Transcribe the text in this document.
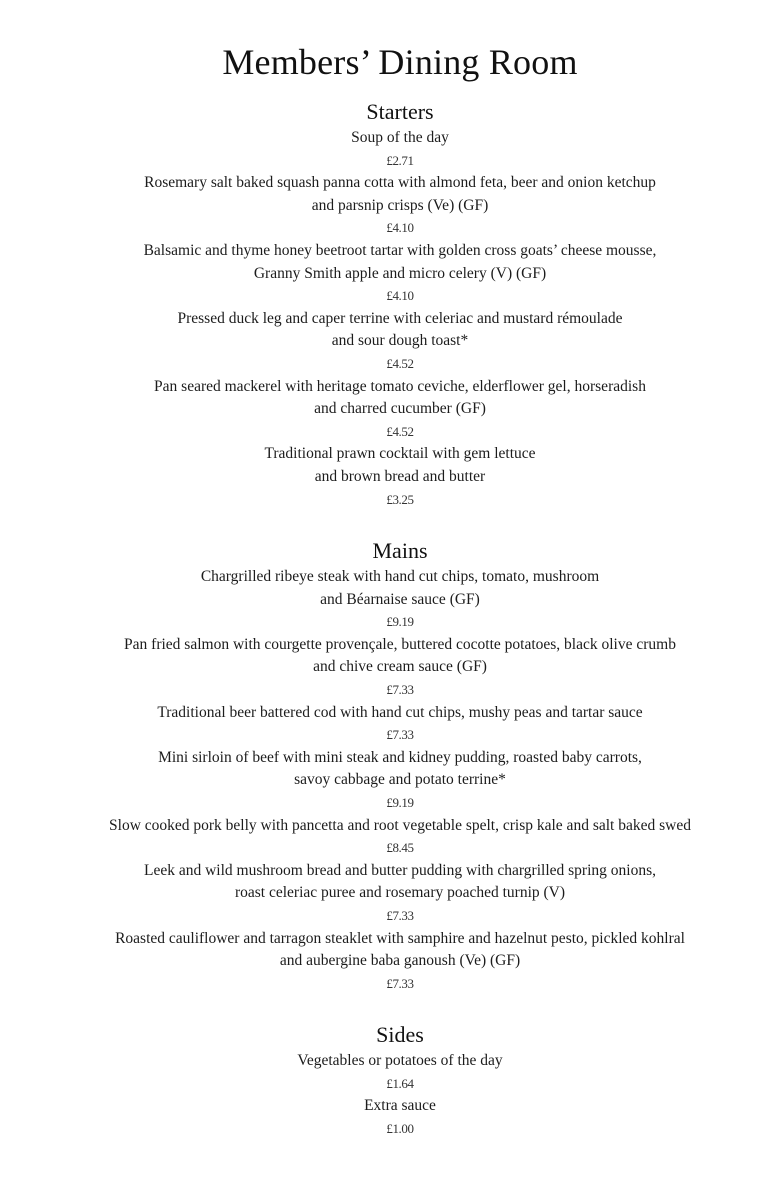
Members’ Dining Room
Starters
Soup of the day
£2.71
Rosemary salt baked squash panna cotta with almond feta, beer and onion ketchup
and parsnip crisps (Ve) (GF)
£4.10
Balsamic and thyme honey beetroot tartar with golden cross goats’ cheese mousse,
Granny Smith apple and micro celery (V) (GF)
£4.10
Pressed duck leg and caper terrine with celeriac and mustard rémoulade
and sour dough toast*
£4.52
Pan seared mackerel with heritage tomato ceviche, elderflower gel, horseradish
and charred cucumber (GF)
£4.52
Traditional prawn cocktail with gem lettuce
and brown bread and butter
£3.25
Mains
Chargrilled ribeye steak with hand cut chips, tomato, mushroom
and Béarnaise sauce (GF)
£9.19
Pan fried salmon with courgette provençale, buttered cocotte potatoes, black olive crumb
and chive cream sauce (GF)
£7.33
Traditional beer battered cod with hand cut chips, mushy peas and tartar sauce
£7.33
Mini sirloin of beef with mini steak and kidney pudding, roasted baby carrots,
savoy cabbage and potato terrine*
£9.19
Slow cooked pork belly with pancetta and root vegetable spelt, crisp kale and salt baked swed
£8.45
Leek and wild mushroom bread and butter pudding with chargrilled spring onions,
roast celeriac puree and rosemary poached turnip (V)
£7.33
Roasted cauliflower and tarragon steaklet with samphire and hazelnut pesto, pickled kohlral
and aubergine baba ganoush (Ve) (GF)
£7.33
Sides
Vegetables or potatoes of the day
£1.64
Extra sauce
£1.00
